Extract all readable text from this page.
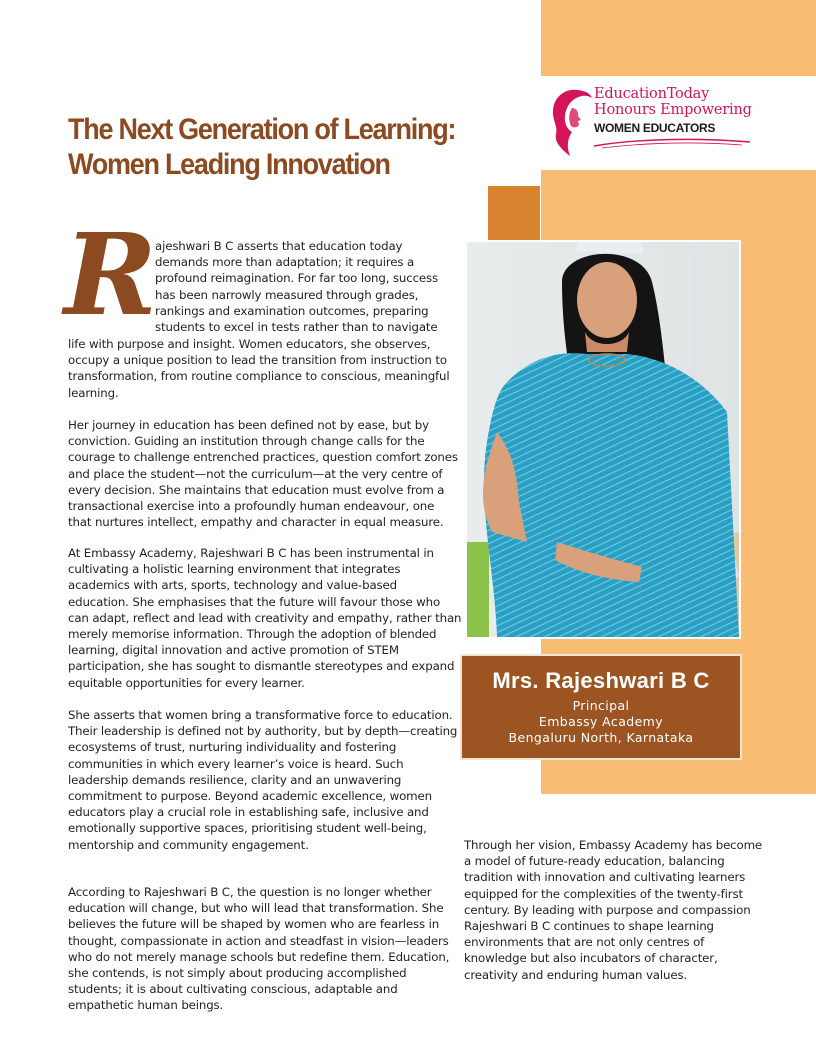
EducationToday
Honours Empowering
WOMEN EDUCATORS
The Next Generation of Learning:
Women Leading Innovation
R
ajeshwari B C asserts that education today
demands more than adaptation; it requires a
profound reimagination. For far too long, success
has been narrowly measured through grades,
rankings and examination outcomes, preparing
students to excel in tests rather than to navigate
life with purpose and insight. Women educators, she observes,
occupy a unique position to lead the transition from instruction to
transformation, from routine compliance to conscious, meaningful
learning.
Her journey in education has been defined not by ease, but by
conviction. Guiding an institution through change calls for the
courage to challenge entrenched practices, question comfort zones
and place the student—not the curriculum—at the very centre of
every decision. She maintains that education must evolve from a
transactional exercise into a profoundly human endeavour, one
that nurtures intellect, empathy and character in equal measure.
At Embassy Academy, Rajeshwari B C has been instrumental in
cultivating a holistic learning environment that integrates
academics with arts, sports, technology and value-based
education. She emphasises that the future will favour those who
can adapt, reflect and lead with creativity and empathy, rather than
merely memorise information. Through the adoption of blended
learning, digital innovation and active promotion of STEM
participation, she has sought to dismantle stereotypes and expand
equitable opportunities for every learner.
She asserts that women bring a transformative force to education.
Their leadership is defined not by authority, but by depth—creating
ecosystems of trust, nurturing individuality and fostering
communities in which every learner’s voice is heard. Such
leadership demands resilience, clarity and an unwavering
commitment to purpose. Beyond academic excellence, women
educators play a crucial role in establishing safe, inclusive and
emotionally supportive spaces, prioritising student well-being,
mentorship and community engagement.
According to Rajeshwari B C, the question is no longer whether
education will change, but who will lead that transformation. She
believes the future will be shaped by women who are fearless in
thought, compassionate in action and steadfast in vision—leaders
who do not merely manage schools but redefine them. Education,
she contends, is not simply about producing accomplished
students; it is about cultivating conscious, adaptable and
empathetic human beings.
Through her vision, Embassy Academy has become
a model of future-ready education, balancing
tradition with innovation and cultivating learners
equipped for the complexities of the twenty-first
century. By leading with purpose and compassion
Rajeshwari B C continues to shape learning
environments that are not only centres of
knowledge but also incubators of character,
creativity and enduring human values.
Mrs. Rajeshwari B C
Principal
Embassy Academy
Bengaluru North, Karnataka
